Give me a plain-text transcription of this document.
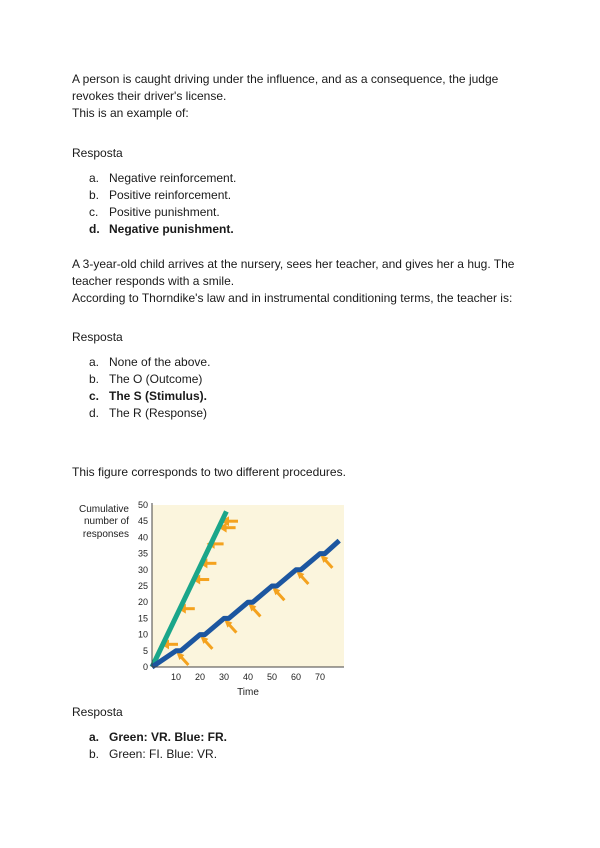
A person is caught driving under the influence, and as a consequence, the judge
revokes their driver's license.
This is an example of:
Resposta
a. Negative reinforcement.
b. Positive reinforcement.
c. Positive punishment.
d. Negative punishment.
A 3-year-old child arrives at the nursery, sees her teacher, and gives her a hug. The
teacher responds with a smile.
According to Thorndike's law and in instrumental conditioning terms, the teacher is:
Resposta
a. None of the above.
b. The O (Outcome)
c. The S (Stimulus).
d. The R (Response)
This figure corresponds to two different procedures.
Cumulative
number of
responses
Time
0
5
10
15
20
25
30
35
40
45
50
10 20 30 40 50 60 70
Resposta
a. Green: VR. Blue: FR.
b. Green: FI. Blue: VR.
